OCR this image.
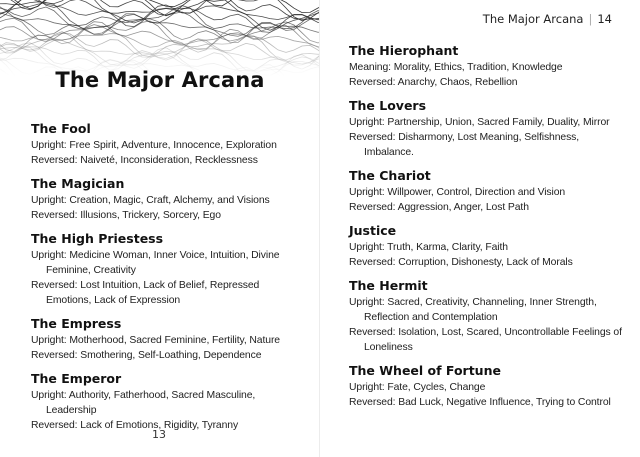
The Major Arcana
The Fool
Upright: Free Spirit, Adventure, Innocence, Exploration
Reversed: Naiveté, Inconsideration, Recklessness
The Magician
Upright: Creation, Magic, Craft, Alchemy, and Visions
Reversed: Illusions, Trickery, Sorcery, Ego
The High Priestess
Upright: Medicine Woman, Inner Voice, Intuition, Divine Feminine, Creativity
Reversed: Lost Intuition, Lack of Belief, Repressed Emotions, Lack of Expression
The Empress
Upright: Motherhood, Sacred Feminine, Fertility, Nature
Reversed: Smothering, Self-Loathing, Dependence
The Emperor
Upright: Authority, Fatherhood, Sacred Masculine, Leadership
Reversed: Lack of Emotions, Rigidity, Tyranny
13
The Major Arcana | 14
The Hierophant
Meaning: Morality, Ethics, Tradition, Knowledge
Reversed: Anarchy, Chaos, Rebellion
The Lovers
Upright: Partnership, Union, Sacred Family, Duality, Mirror
Reversed: Disharmony, Lost Meaning, Selfishness, Imbalance.
The Chariot
Upright: Willpower, Control, Direction and Vision
Reversed: Aggression, Anger, Lost Path
Justice
Upright: Truth, Karma, Clarity, Faith
Reversed: Corruption, Dishonesty, Lack of Morals
The Hermit
Upright: Sacred, Creativity, Channeling, Inner Strength, Reflection and Contemplation
Reversed: Isolation, Lost, Scared, Uncontrollable Feelings of Loneliness
The Wheel of Fortune
Upright: Fate, Cycles, Change
Reversed: Bad Luck, Negative Influence, Trying to Control
